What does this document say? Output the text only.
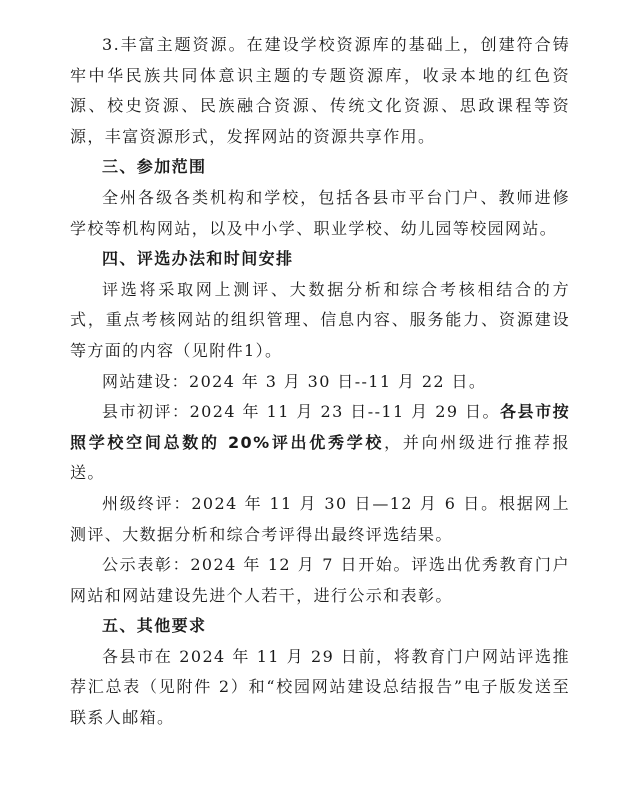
3.丰富主题资源。在建设学校资源库的基础上，创建符合铸牢中华民族共同体意识主题的专题资源库，收录本地的红色资源、校史资源、民族融合资源、传统文化资源、思政课程等资源，丰富资源形式，发挥网站的资源共享作用。

三、参加范围

全州各级各类机构和学校，包括各县市平台门户、教师进修学校等机构网站，以及中小学、职业学校、幼儿园等校园网站。

四、评选办法和时间安排

评选将采取网上测评、大数据分析和综合考核相结合的方式，重点考核网站的组织管理、信息内容、服务能力、资源建设等方面的内容（见附件1）。

网站建设：2024 年 3 月 30 日--11 月 22 日。

县市初评：2024 年 11 月 23 日--11 月 29 日。各县市按照学校空间总数的 20%评出优秀学校，并向州级进行推荐报送。

州级终评：2024 年 11 月 30 日—12 月 6 日。根据网上测评、大数据分析和综合考评得出最终评选结果。

公示表彰：2024 年 12 月 7 日开始。评选出优秀教育门户网站和网站建设先进个人若干，进行公示和表彰。

五、其他要求

各县市在 2024 年 11 月 29 日前，将教育门户网站评选推荐汇总表（见附件 2）和“校园网站建设总结报告”电子版发送至联系人邮箱。
